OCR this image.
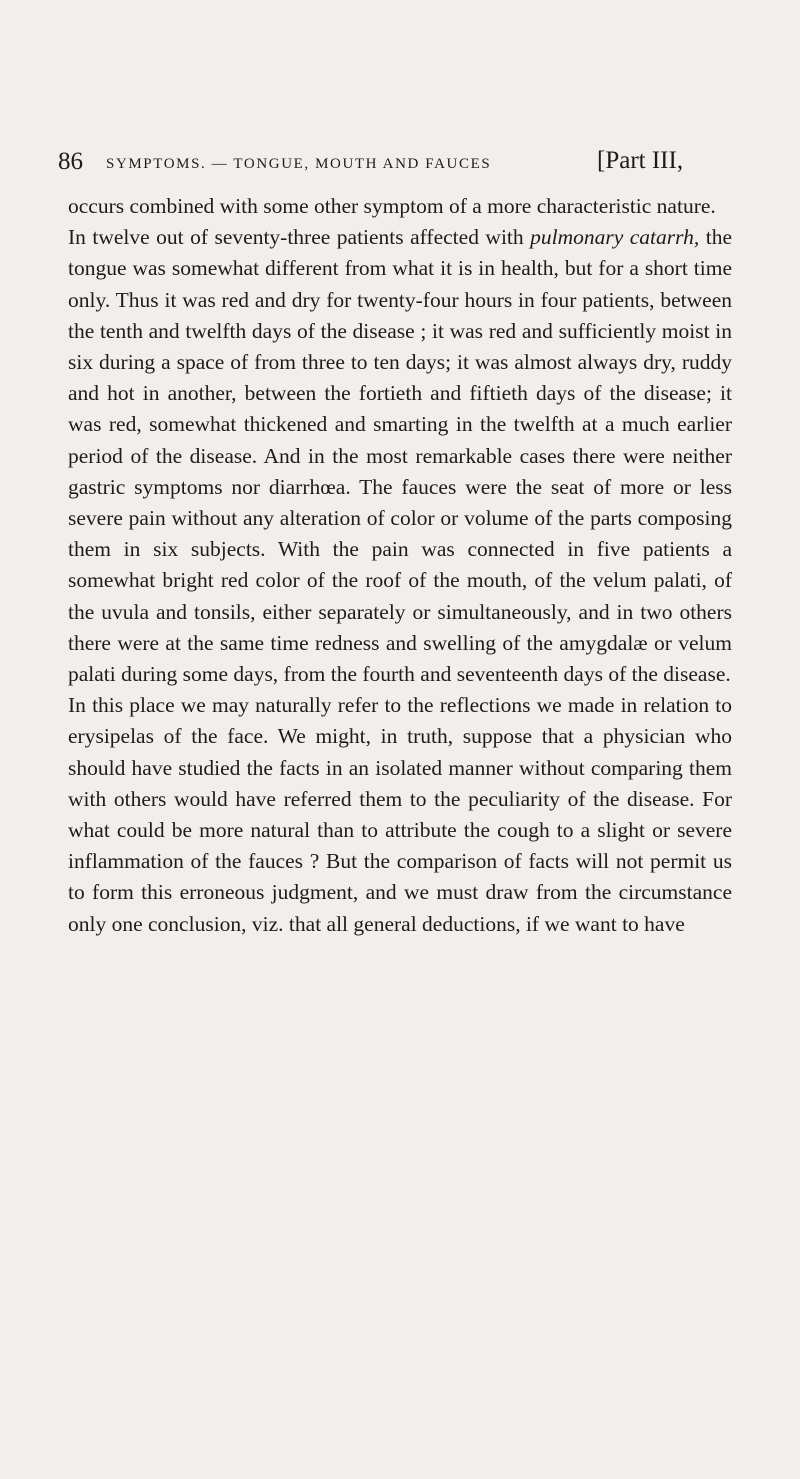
86 SYMPTOMS. — TONGUE, MOUTH AND FAUCES	[Part III,

occurs combined with some other symptom of a more characteristic nature.

In twelve out of seventy-three patients affected with pulmonary catarrh, the tongue was somewhat different from what it is in health, but for a short time only. Thus it was red and dry for twenty-four hours in four patients, between the tenth and twelfth days of the disease ; it was red and sufficiently moist in six during a space of from three to ten days; it was almost always dry, ruddy and hot in another, between the fortieth and fiftieth days of the disease; it was red, somewhat thickened and smarting in the twelfth at a much earlier period of the disease. And in the most remarkable cases there were neither gastric symptoms nor diarrhœa. The fauces were the seat of more or less severe pain without any alteration of color or volume of the parts composing them in six subjects. With the pain was connected in five patients a somewhat bright red color of the roof of the mouth, of the velum palati, of the uvula and tonsils, either separately or simultaneously, and in two others there were at the same time redness and swelling of the amygdalæ or velum palati during some days, from the fourth and seventeenth days of the disease.

In this place we may naturally refer to the reflections we made in relation to erysipelas of the face. We might, in truth, suppose that a physician who should have studied the facts in an isolated manner without comparing them with others would have referred them to the peculiarity of the disease. For what could be more natural than to attribute the cough to a slight or severe inflammation of the fauces ? But the comparison of facts will not permit us to form this erroneous judgment, and we must draw from the circumstance only one conclusion, viz. that all general deductions, if we want to have
